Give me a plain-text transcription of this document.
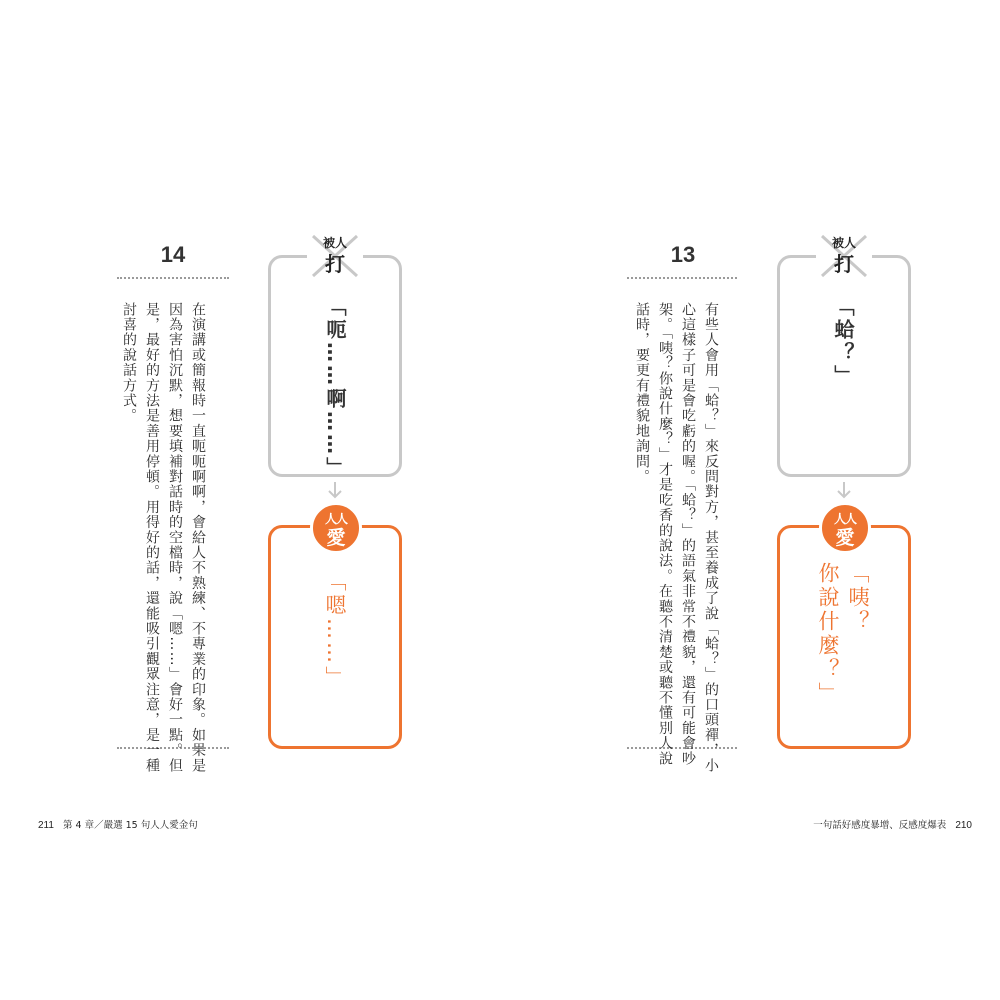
14
在演講或簡報時一直呃呃啊啊，會給人不熟練、不專業的印象。如果是
因為害怕沉默，想要填補對話時的空檔時，說「嗯……」會好一點。但
是，最好的方法是善用停頓。用得好的話，還能吸引觀眾注意，是一種
討喜的說話方式。
被人
打
「呃……啊……」
人人
愛
「嗯……」
211 第 4 章／嚴選 15 句人人愛金句
13
有些人會用「蛤？」來反問對方，甚至養成了說「蛤？」的口頭禪，小
心這樣子可是會吃虧的喔。「蛤？」的語氣非常不禮貌，還有可能會吵
架。「咦？你說什麼？」才是吃香的說法。在聽不清楚或聽不懂別人說
話時，要更有禮貌地詢問。
被人
打
「蛤？」
人人
愛
「咦？
你說什麼？」
一句話好感度暴增、反感度爆表 210
